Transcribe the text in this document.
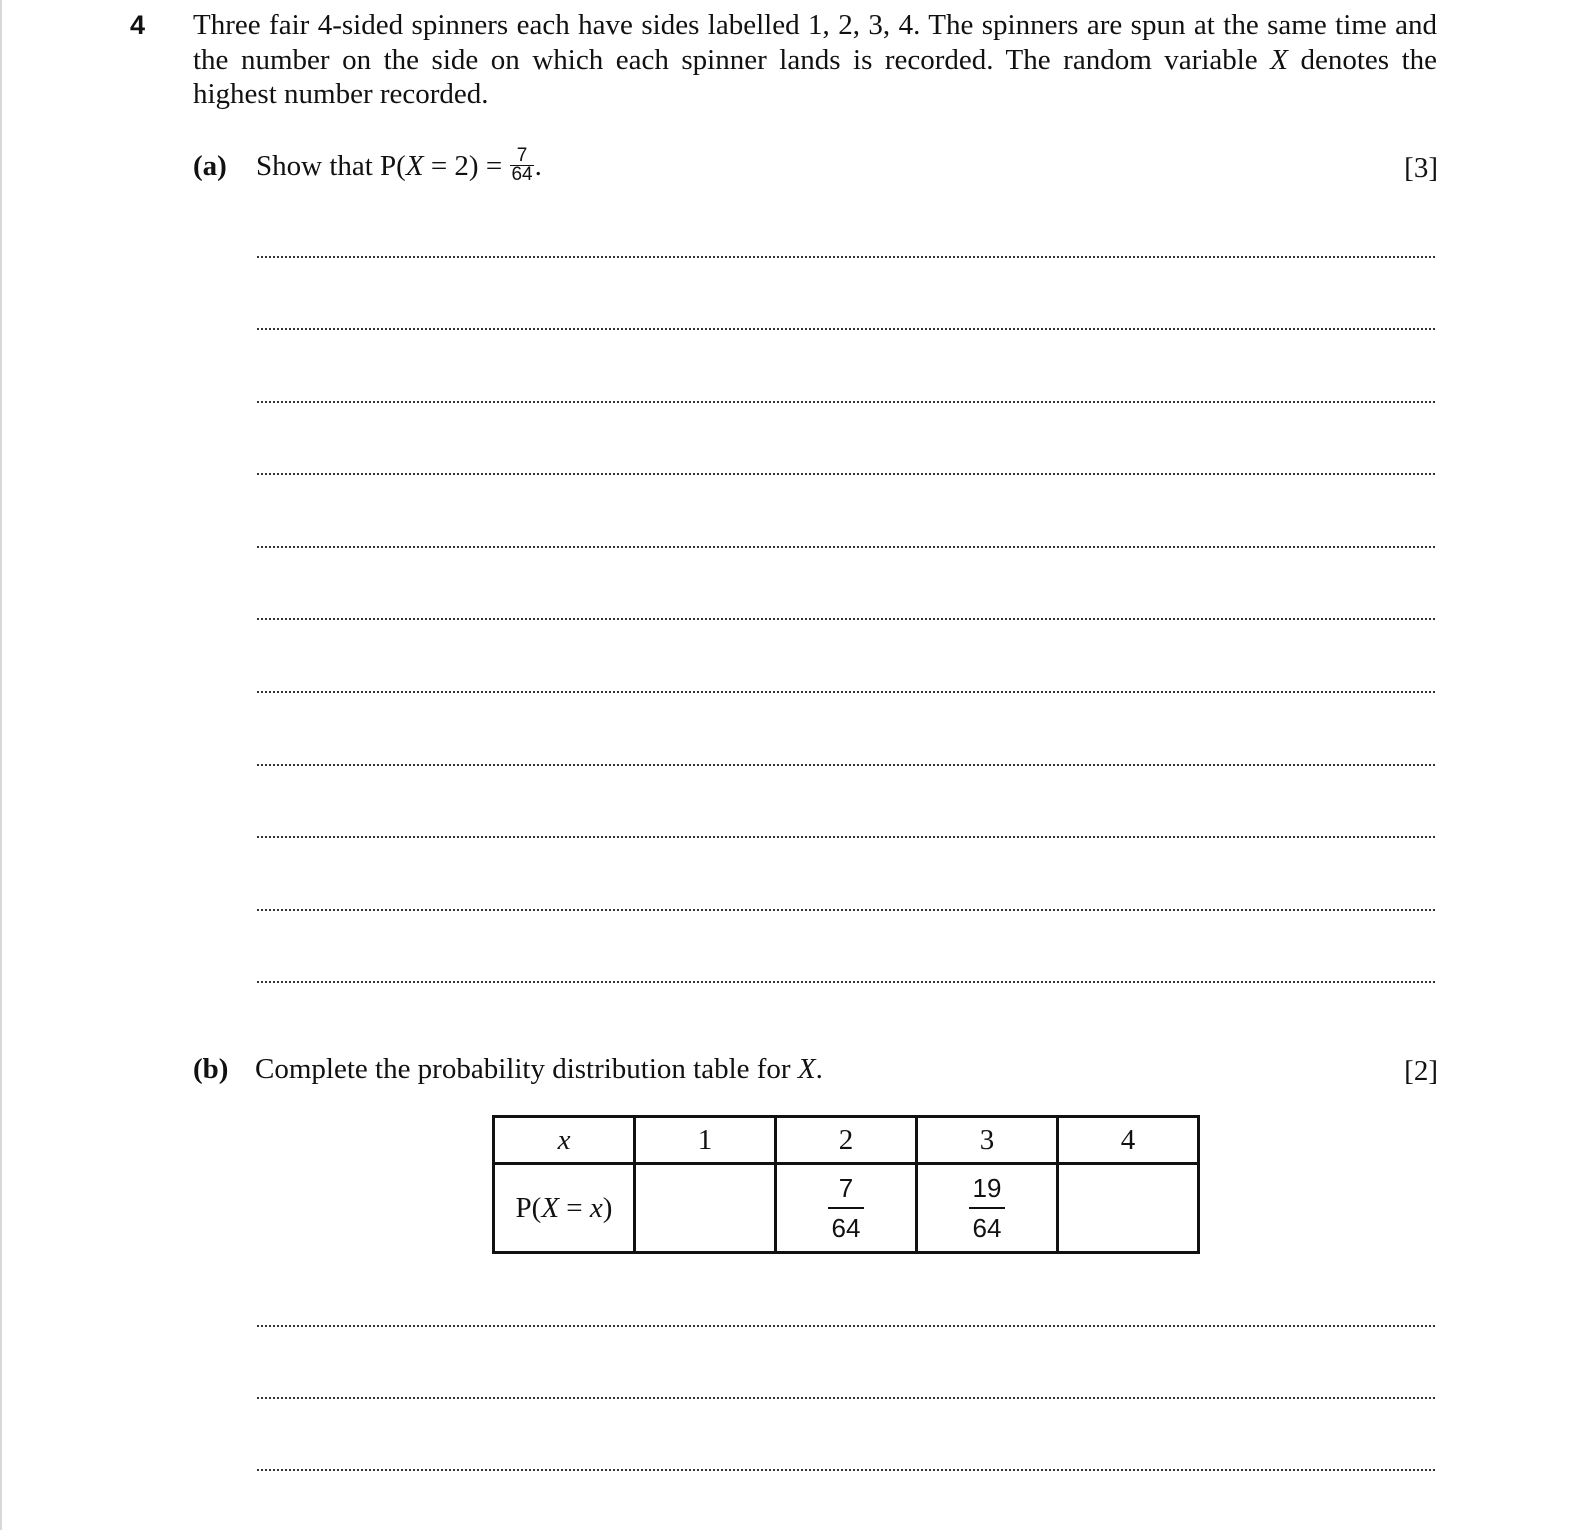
4 Three fair 4-sided spinners each have sides labelled 1, 2, 3, 4. The spinners are spun at the same time and the number on the side on which each spinner lands is recorded. The random variable X denotes the highest number recorded.
(a) Show that $P(X = 2) = \frac{7}{64}$ .	[3]
(b) Complete the probability distribution table for X.	[2]
x	1	2	3	4
P(X = x)		$\frac{7}{64}$	$\frac{19}{64}$
